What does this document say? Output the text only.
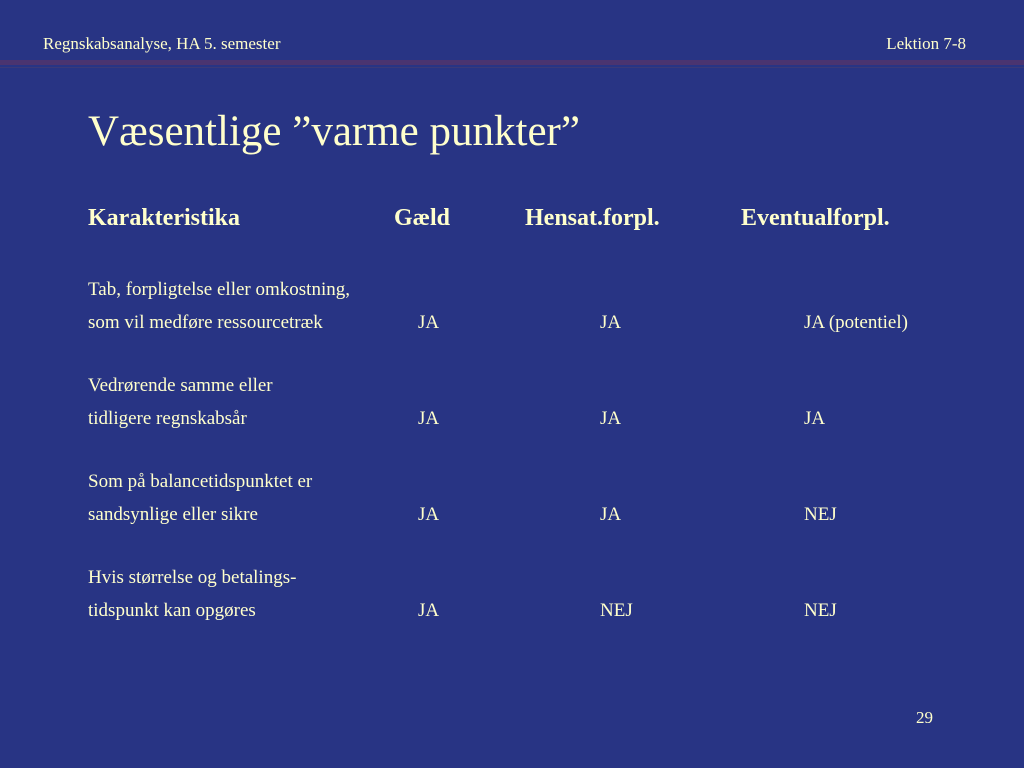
Regnskabsanalyse, HA 5. semester	Lektion 7-8
Væsentlige ”varme punkter”
Karakteristika	Gæld	Hensat.forpl.	Eventualforpl.
Tab, forpligtelse eller omkostning,
som vil medføre ressourcetræk	JA	JA	JA (potentiel)
Vedrørende samme eller
tidligere regnskabsår	JA	JA	JA
Som på balancetidspunktet er
sandsynlige eller sikre	JA	JA	NEJ
Hvis størrelse og betalings-
tidspunkt kan opgøres	JA	NEJ	NEJ
29
